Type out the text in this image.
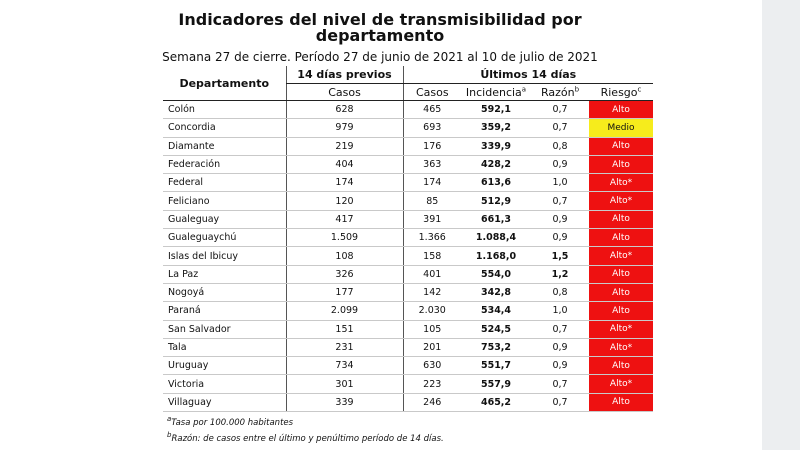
Indicadores del nivel de transmisibilidad por departamento
Semana 27 de cierre. Período 27 de junio de 2021 al 10 de julio de 2021
Departamento	14 días previos	Últimos 14 días			
	Casos	Casos	Incidencia$^a$	Razón$^b$	Riesgo$^c$
Colón	628	465	592,1	0,7	Alto
Concordia	979	693	359,2	0,7	Medio
Diamante	219	176	339,9	0,8	Alto
Federación	404	363	428,2	0,9	Alto
Federal	174	174	613,6	1,0	Alto*
Feliciano	120	85	512,9	0,7	Alto*
Gualeguay	417	391	661,3	0,9	Alto
Gualeguaychú	1.509	1.366	1.088,4	0,9	Alto
Islas del Ibicuy	108	158	1.168,0	1,5	Alto*
La Paz	326	401	554,0	1,2	Alto
Nogoyá	177	142	342,8	0,8	Alto
Paraná	2.099	2.030	534,4	1,0	Alto
San Salvador	151	105	524,5	0,7	Alto*
Tala	231	201	753,2	0,9	Alto*
Uruguay	734	630	551,7	0,9	Alto
Victoria	301	223	557,9	0,7	Alto*
Villaguay	339	246	465,2	0,7	Alto
$^a$Tasa por 100.000 habitantes
$^b$Razón: de casos entre el último y penúltimo período de 14 días.
